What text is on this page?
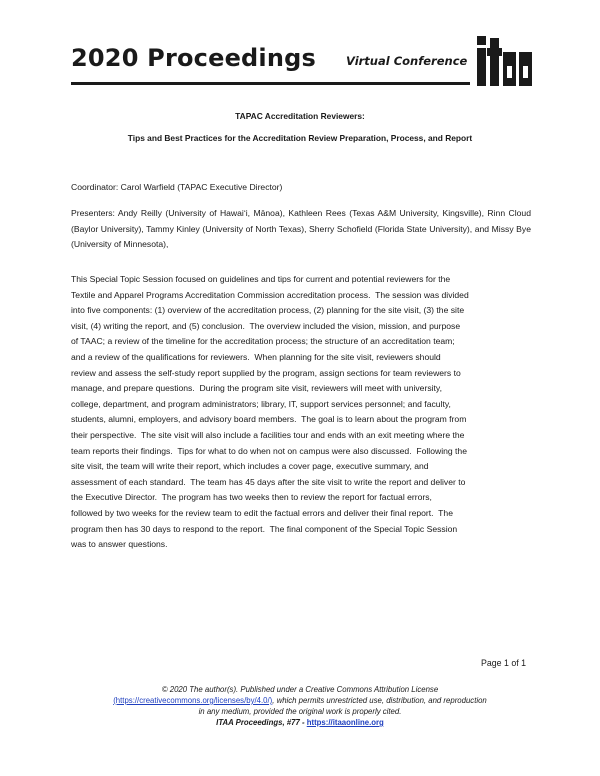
2020 Proceedings	Virtual Conference
TAPAC Accreditation Reviewers:
Tips and Best Practices for the Accreditation Review Preparation, Process, and Report
Coordinator: Carol Warfield (TAPAC Executive Director)
Presenters: Andy Reilly (University of Hawaiʻi, Mānoa), Kathleen Rees (Texas A&M University, Kingsville), Rinn Cloud (Baylor University), Tammy Kinley (University of North Texas), Sherry Schofield (Florida State University), and Missy Bye (University of Minnesota),
This Special Topic Session focused on guidelines and tips for current and potential reviewers for the
Textile and Apparel Programs Accreditation Commission accreditation process.  The session was divided
into five components: (1) overview of the accreditation process, (2) planning for the site visit, (3) the site
visit, (4) writing the report, and (5) conclusion.  The overview included the vision, mission, and purpose
of TAAC; a review of the timeline for the accreditation process; the structure of an accreditation team;
and a review of the qualifications for reviewers.  When planning for the site visit, reviewers should
review and assess the self-study report supplied by the program, assign sections for team reviewers to
manage, and prepare questions.  During the program site visit, reviewers will meet with university,
college, department, and program administrators; library, IT, support services personnel; and faculty,
students, alumni, employers, and advisory board members.  The goal is to learn about the program from
their perspective.  The site visit will also include a facilities tour and ends with an exit meeting where the
team reports their findings.  Tips for what to do when not on campus were also discussed.  Following the
site visit, the team will write their report, which includes a cover page, executive summary, and
assessment of each standard.  The team has 45 days after the site visit to write the report and deliver to
the Executive Director.  The program has two weeks then to review the report for factual errors,
followed by two weeks for the review team to edit the factual errors and deliver their final report.  The
program then has 30 days to respond to the report.  The final component of the Special Topic Session
was to answer questions.
Page 1 of 1
© 2020 The author(s). Published under a Creative Commons Attribution License
(https://creativecommons.org/licenses/by/4.0/), which permits unrestricted use, distribution, and reproduction
in any medium, provided the original work is properly cited.
ITAA Proceedings, #77 - https://itaaonline.org
